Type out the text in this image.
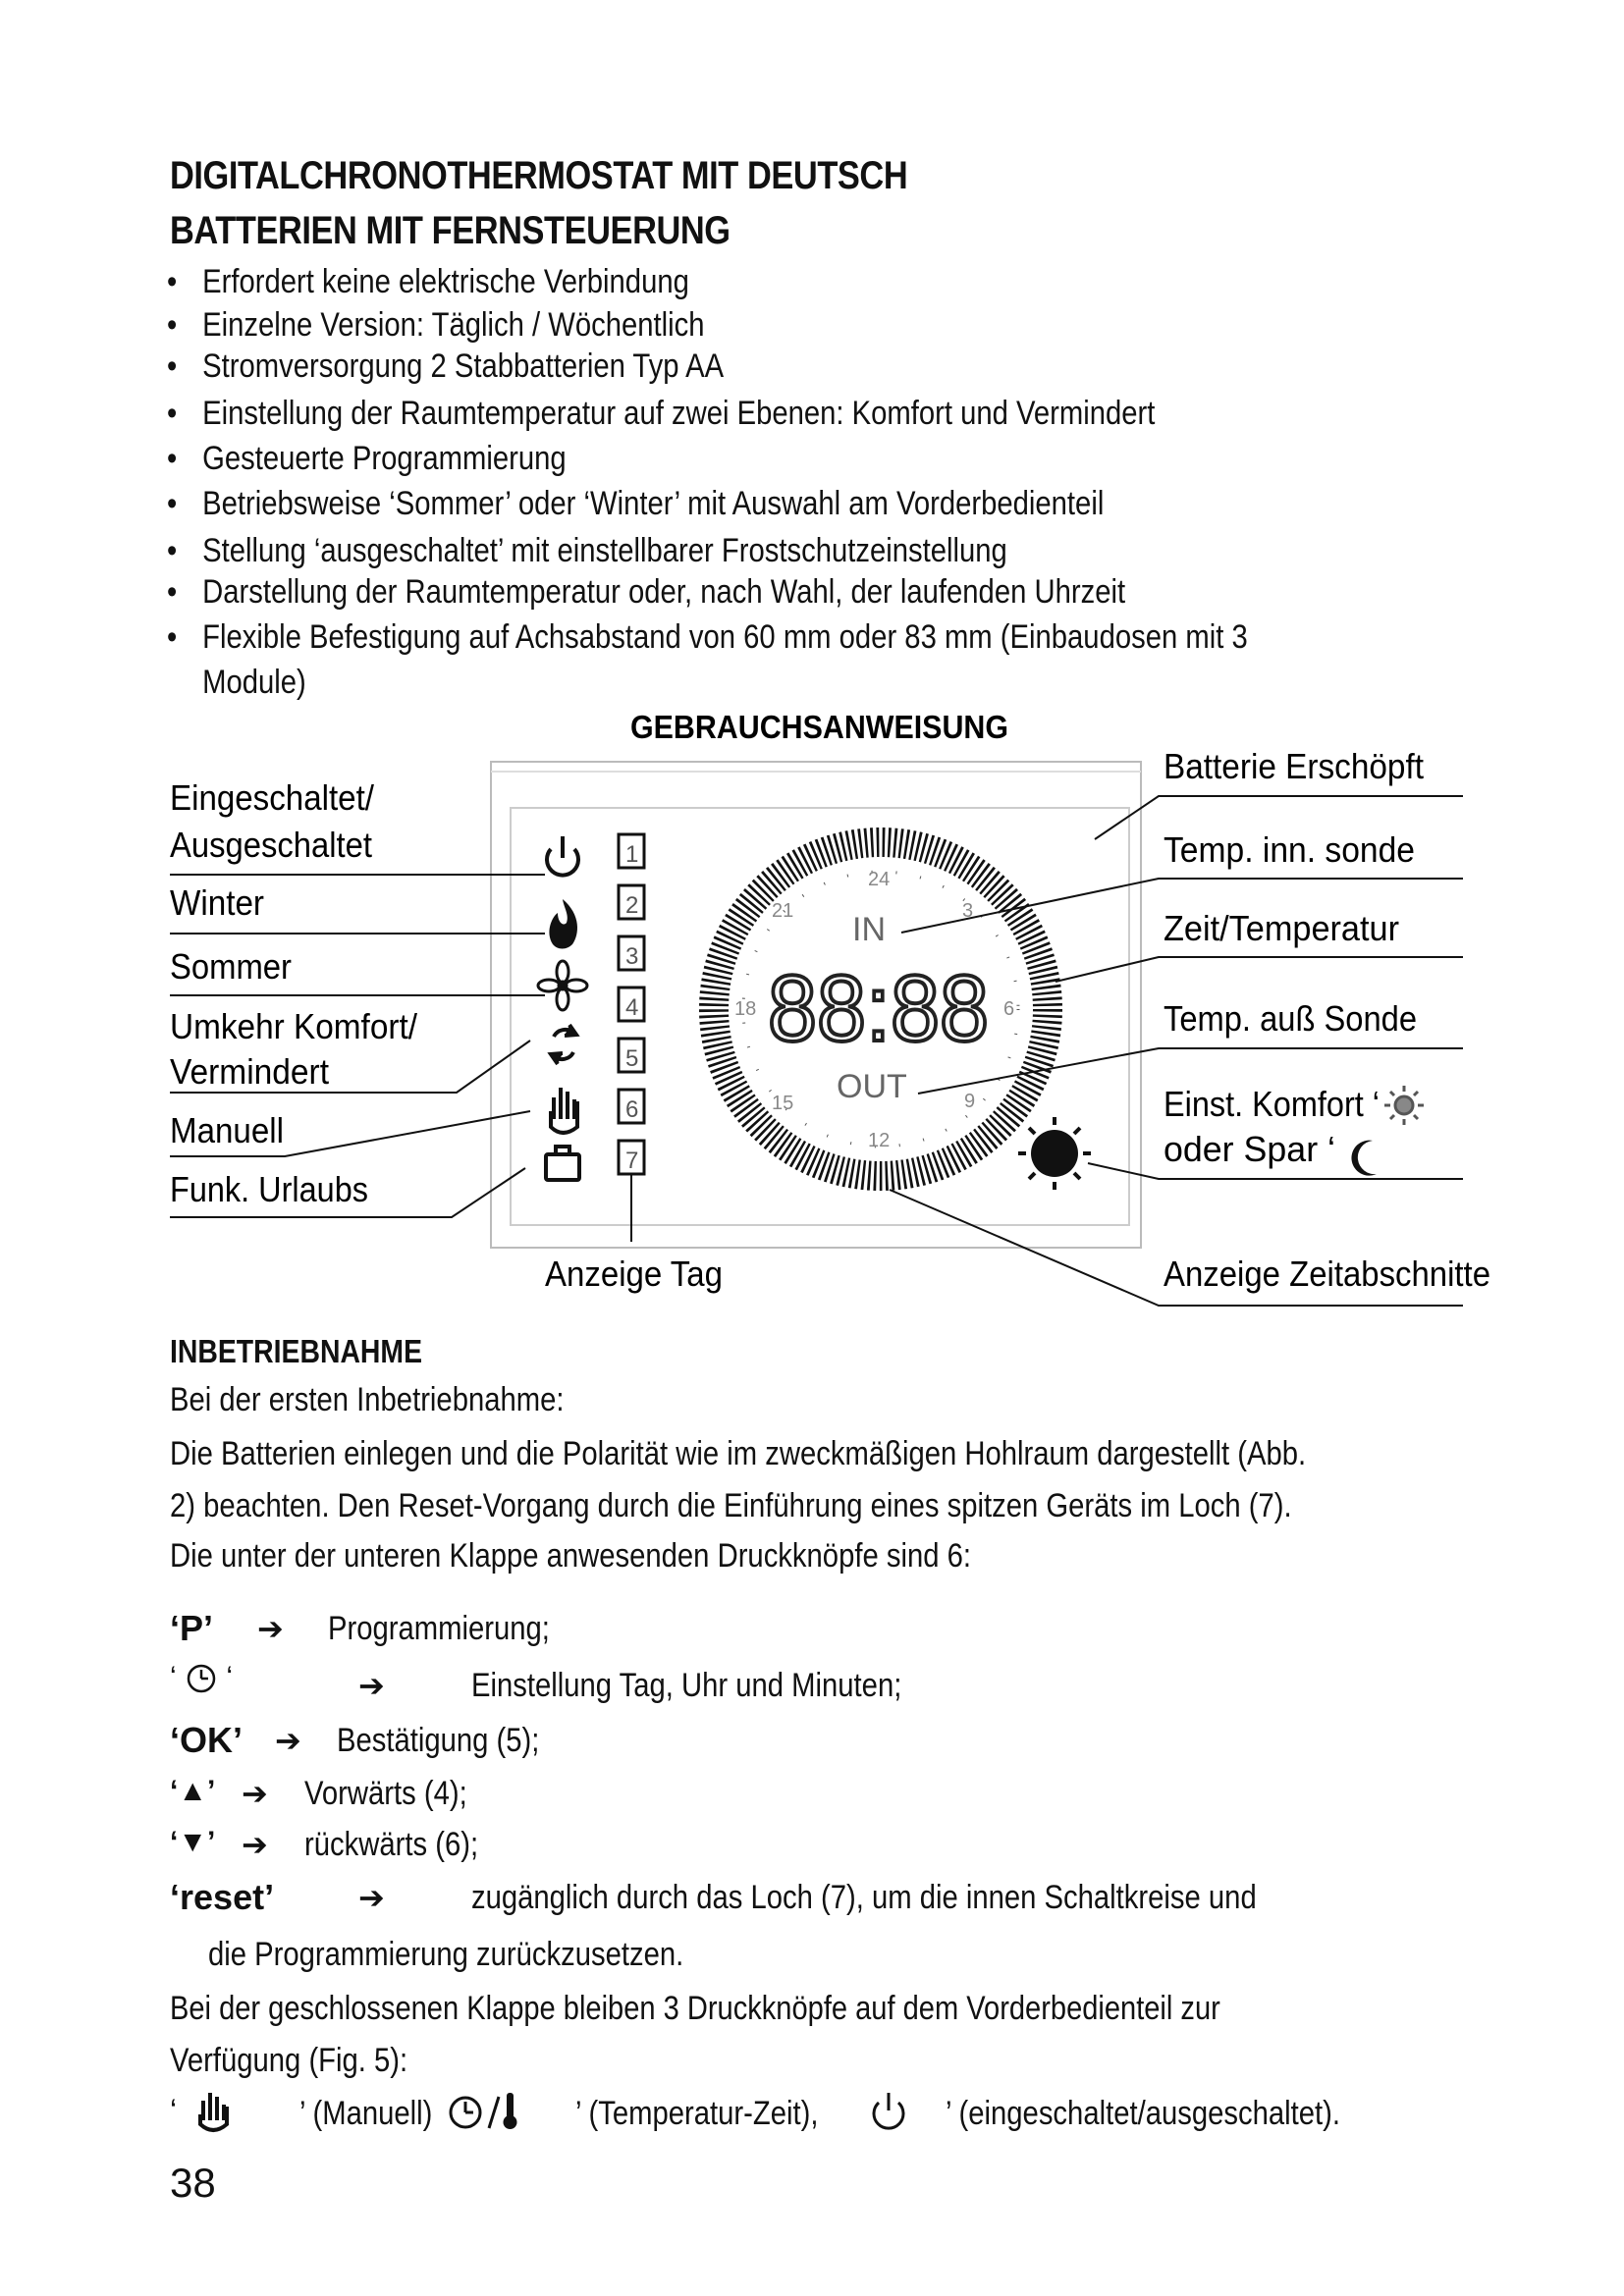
DIGITALCHRONOTHERMOSTAT MIT DEUTSCH
BATTERIEN MIT FERNSTEUERUNG
• Erfordert keine elektrische Verbindung
• Einzelne Version: Täglich / Wöchentlich
• Stromversorgung 2 Stabbatterien Typ AA
• Einstellung der Raumtemperatur auf zwei Ebenen: Komfort und Vermindert
• Gesteuerte Programmierung
• Betriebsweise ‘Sommer’ oder ‘Winter’ mit Auswahl am Vorderbedienteil
• Stellung ‘ausgeschaltet’ mit einstellbarer Frostschutzeinstellung
• Darstellung der Raumtemperatur oder, nach Wahl, der laufenden Uhrzeit
• Flexible Befestigung auf Achsabstand von 60 mm oder 83 mm (Einbaudosen mit 3
Module)
GEBRAUCHSANWEISUNG
Eingeschaltet/
Ausgeschaltet
Winter
Sommer
Umkehr Komfort/
Vermindert
Manuell
Funk. Urlaubs
1
2
3
4
5
6
7
24
21	3
18	6
15	9
12
IN
88:88
OUT
Batterie Erschöpft
Temp. inn. sonde
Zeit/Temperatur
Temp. auß Sonde
Einst. Komfort ‘
oder Spar ‘
Anzeige Tag	Anzeige Zeitabschnitte
INBETRIEBNAHME
Bei der ersten Inbetriebnahme:
Die Batterien einlegen und die Polarität wie im zweckmäßigen Hohlraum dargestellt (Abb.
2) beachten. Den Reset-Vorgang durch die Einführung eines spitzen Geräts im Loch (7).
Die unter der unteren Klappe anwesenden Druckknöpfe sind 6:
‘P’ ➔ Programmierung;
‘ ‘	➔	Einstellung Tag, Uhr und Minuten;
‘OK’ ➔ Bestätigung (5);
‘▲’ ➔ Vorwärts (4);
‘▼’ ➔ rückwärts (6);
‘reset’	➔	zugänglich durch das Loch (7), um die innen Schaltkreise und
die Programmierung zurückzusetzen.
Bei der geschlossenen Klappe bleiben 3 Druckknöpfe auf dem Vorderbedienteil zur
Verfügung (Fig. 5):
‘	’ (Manuell)	’ (Temperatur-Zeit),	’ (eingeschaltet/ausgeschaltet).
38
